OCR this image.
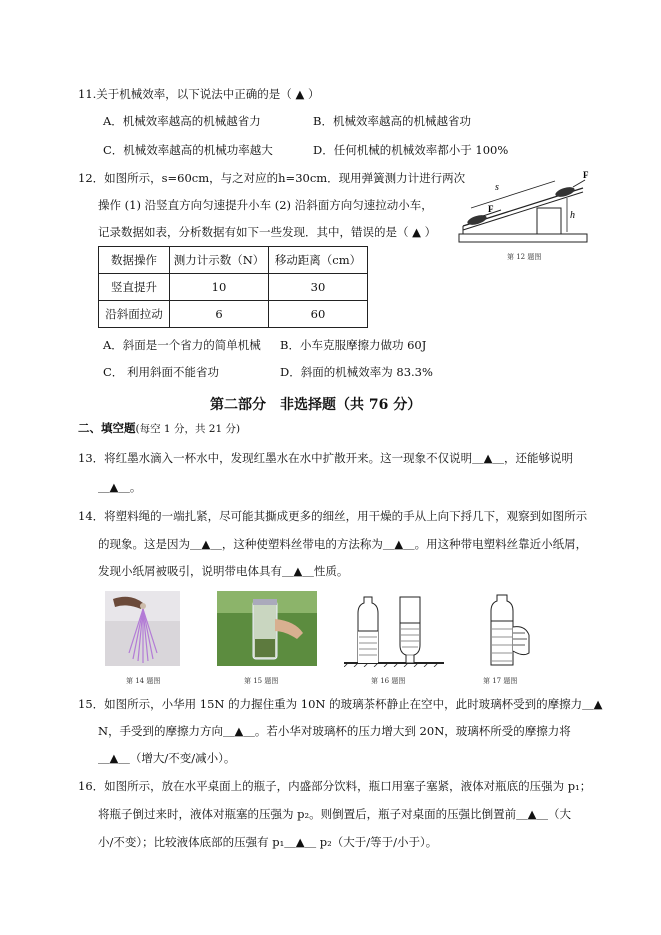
11.关于机械效率，以下说法中正确的是（ ▲ ）
A．机械效率越高的机械越省力	B．机械效率越高的机械越省功
C．机械效率越高的机械功率越大	D．任何机械的机械效率都小于 100%
12．如图所示，s=60cm，与之对应的h=30cm．现用弹簧测力计进行两次
操作 (1) 沿竖直方向匀速提升小车 (2) 沿斜面方向匀速拉动小车，
记录数据如表，分析数据有如下一些发现．其中，错误的是（ ▲ ）
数据操作	测力计示数（N）	移动距离（cm）
竖直提升	10	30
沿斜面拉动	6	60
h
s
F
F
第 12 题图
A．斜面是一个省力的简单机械 B．小车克服摩擦力做功 60J
C． 利用斜面不能省功	D．斜面的机械效率为 83.3%
第二部分　非选择题（共 76 分）
二、填空题(每空 1 分，共 21 分)
13．将红墨水滴入一杯水中，发现红墨水在水中扩散开来。这一现象不仅说明＿▲＿，还能够说明
＿▲＿。
14．将塑料绳的一端扎紧，尽可能其撕成更多的细丝，用干燥的手从上向下捋几下，观察到如图所示
的现象。这是因为＿▲＿，这种使塑料丝带电的方法称为＿▲＿。用这种带电塑料丝靠近小纸屑，
发现小纸屑被吸引，说明带电体具有＿▲＿性质。
第 14 题图	第 15 题图	第 16 题图	第 17 题图
15．如图所示，小华用 15N 的力握住重为 10N 的玻璃茶杯静止在空中，此时玻璃杯受到的摩擦力＿▲
N，手受到的摩擦力方向＿▲＿。若小华对玻璃杯的压力增大到 20N，玻璃杯所受的摩擦力将
＿▲＿（增大/不变/减小）。
16．如图所示，放在水平桌面上的瓶子，内盛部分饮料，瓶口用塞子塞紧，液体对瓶底的压强为 p₁；
将瓶子倒过来时，液体对瓶塞的压强为 p₂。则倒置后，瓶子对桌面的压强比倒置前＿▲＿（大
小/不变）；比较液体底部的压强有 p₁＿▲＿ p₂（大于/等于/小于）。
